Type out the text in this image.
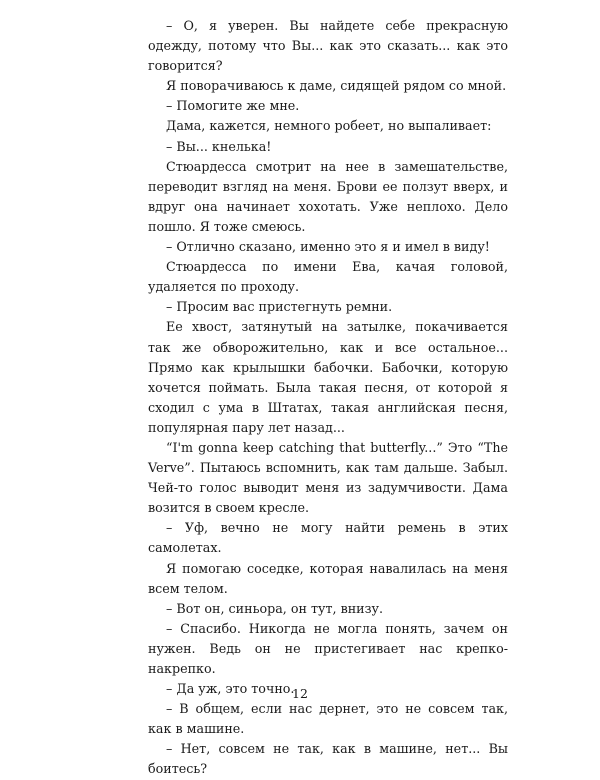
– О, я уверен. Вы найдете себе прекрасную одежду, потому что Вы... как это сказать... как это говорится?

Я поворачиваюсь к даме, сидящей рядом со мной.

– Помогите же мне.

Дама, кажется, немного робеет, но выпаливает:

– Вы... кнелька!

Стюардесса смотрит на нее в замешательстве, переводит взгляд на меня. Брови ее ползут вверх, и вдруг она начинает хохотать. Уже неплохо. Дело пошло. Я тоже смеюсь.

– Отлично сказано, именно это я и имел в виду!

Стюардесса по имени Ева, качая головой, удаляется по проходу.

– Просим вас пристегнуть ремни.

Ее хвост, затянутый на затылке, покачивается так же обворожительно, как и все остальное... Прямо как крылышки бабочки. Бабочки, которую хочется поймать. Была такая песня, от которой я сходил с ума в Штатах, такая английская песня, популярная пару лет назад...

“I'm gonna keep catching that butterfly...” Это “The Verve”. Пытаюсь вспомнить, как там дальше. Забыл. Чей-то голос выводит меня из задумчивости. Дама возится в своем кресле.

– Уф, вечно не могу найти ремень в этих самолетах.

Я помогаю соседке, которая навалилась на меня всем телом.

– Вот он, синьора, он тут, внизу.

– Спасибо. Никогда не могла понять, зачем он нужен. Ведь он не пристегивает нас крепко-накрепко.

– Да уж, это точно.

– В общем, если нас дернет, это не совсем так, как в машине.

– Нет, совсем не так, как в машине, нет... Вы боитесь?

12
